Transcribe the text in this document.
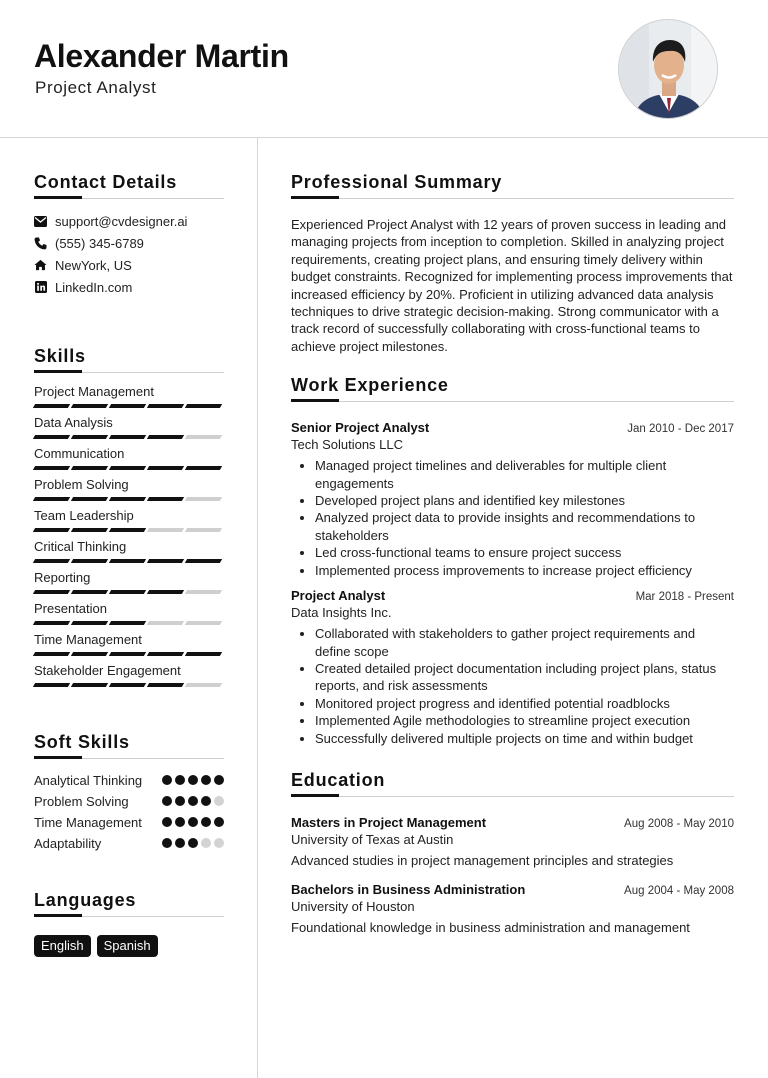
Alexander Martin
Project Analyst
Contact Details
support@cvdesigner.ai
(555) 345-6789
NewYork, US
LinkedIn.com
Skills
Project Management
Data Analysis
Communication
Problem Solving
Team Leadership
Critical Thinking
Reporting
Presentation
Time Management
Stakeholder Engagement
Soft Skills
Analytical Thinking
Problem Solving
Time Management
Adaptability
Languages
English	Spanish
Professional Summary

Experienced Project Analyst with 12 years of proven success in leading and managing projects from inception to completion. Skilled in analyzing project requirements, creating project plans, and ensuring timely delivery within budget constraints. Recognized for implementing process improvements that increased efficiency by 20%. Proficient in utilizing advanced data analysis techniques to drive strategic decision-making. Strong communicator with a track record of successfully collaborating with cross-functional teams to achieve project milestones.

Work Experience
Senior Project Analyst	Jan 2010 - Dec 2017
Tech Solutions LLC
• Managed project timelines and deliverables for multiple client engagements
• Developed project plans and identified key milestones
• Analyzed project data to provide insights and recommendations to stakeholders
• Led cross-functional teams to ensure project success
• Implemented process improvements to increase project efficiency
Project Analyst	Mar 2018 - Present
Data Insights Inc.
• Collaborated with stakeholders to gather project requirements and define scope
• Created detailed project documentation including project plans, status reports, and risk assessments
• Monitored project progress and identified potential roadblocks
• Implemented Agile methodologies to streamline project execution
• Successfully delivered multiple projects on time and within budget
Education
Masters in Project Management	Aug 2008 - May 2010
University of Texas at Austin
Advanced studies in project management principles and strategies
Bachelors in Business Administration	Aug 2004 - May 2008
University of Houston
Foundational knowledge in business administration and management
